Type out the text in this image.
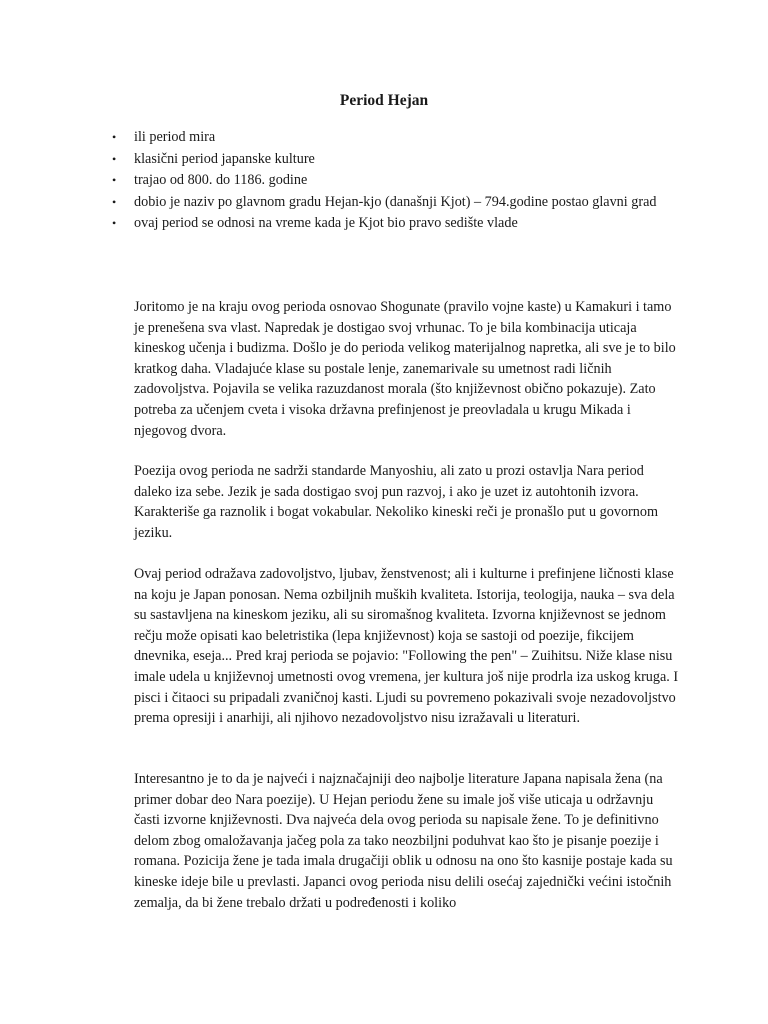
Period Hejan
• ili period mira
• klasični period japanske kulture
• trajao od 800. do 1186. godine
• dobio je naziv po glavnom gradu Hejan-kjo (današnji Kjot) – 794.godine postao glavni grad
• ovaj period se odnosi na vreme kada je Kjot bio pravo sedište vlade

Joritomo je na kraju ovog perioda osnovao Shogunate (pravilo vojne kaste) u Kamakuri i tamo je prenešena sva vlast. Napredak je dostigao svoj vrhunac. To je bila kombinacija uticaja kineskog učenja i budizma. Došlo je do perioda velikog materijalnog napretka, ali sve je to bilo kratkog daha. Vladajuće klase su postale lenje, zanemarivale su umetnost radi ličnih zadovoljstva. Pojavila se velika razuzdanost morala (što književnost obično pokazuje). Zato potreba za učenjem cveta i visoka državna prefinjenost je preovladala u krugu Mikada i njegovog dvora.

Poezija ovog perioda ne sadrži standarde Manyoshiu, ali zato u prozi ostavlja Nara period daleko iza sebe. Jezik je sada dostigao svoj pun razvoj, i ako je uzet iz autohtonih izvora. Karakteriše ga raznolik i bogat vokabular. Nekoliko kineski reči je pronašlo put u govornom jeziku.

Ovaj period odražava zadovoljstvo, ljubav, ženstvenost; ali i kulturne i prefinjene ličnosti klase na koju je Japan ponosan. Nema ozbiljnih muških kvaliteta. Istorija, teologija, nauka – sva dela su sastavljena na kineskom jeziku, ali su siromašnog kvaliteta. Izvorna književnost se jednom rečju može opisati kao beletristika (lepa književnost) koja se sastoji od poezije, fikcijem dnevnika, eseja... Pred kraj perioda se pojavio: "Following the pen" – Zuihitsu. Niže klase nisu imale udela u književnoj umetnosti ovog vremena, jer kultura još nije prodrla iza uskog kruga. I pisci i čitaoci su pripadali zvaničnoj kasti. Ljudi su povremeno pokazivali svoje nezadovoljstvo prema opresiji i anarhiji, ali njihovo nezadovoljstvo nisu izražavali u literaturi.

Interesantno je to da je najveći i najznačajniji deo najbolje literature Japana napisala žena (na primer dobar deo Nara poezije). U Hejan periodu žene su imale još više uticaja u održavnju časti izvorne književnosti. Dva najveća dela ovog perioda su napisale žene. To je definitivno delom zbog omaložavanja jačeg pola za tako neozbiljni poduhvat kao što je pisanje poezije i romana. Pozicija žene je tada imala drugačiji oblik u odnosu na ono što kasnije postaje kada su kineske ideje bile u prevlasti. Japanci ovog perioda nisu delili osećaj zajednički većini istočnih zemalja, da bi žene trebalo držati u podređenosti i koliko
